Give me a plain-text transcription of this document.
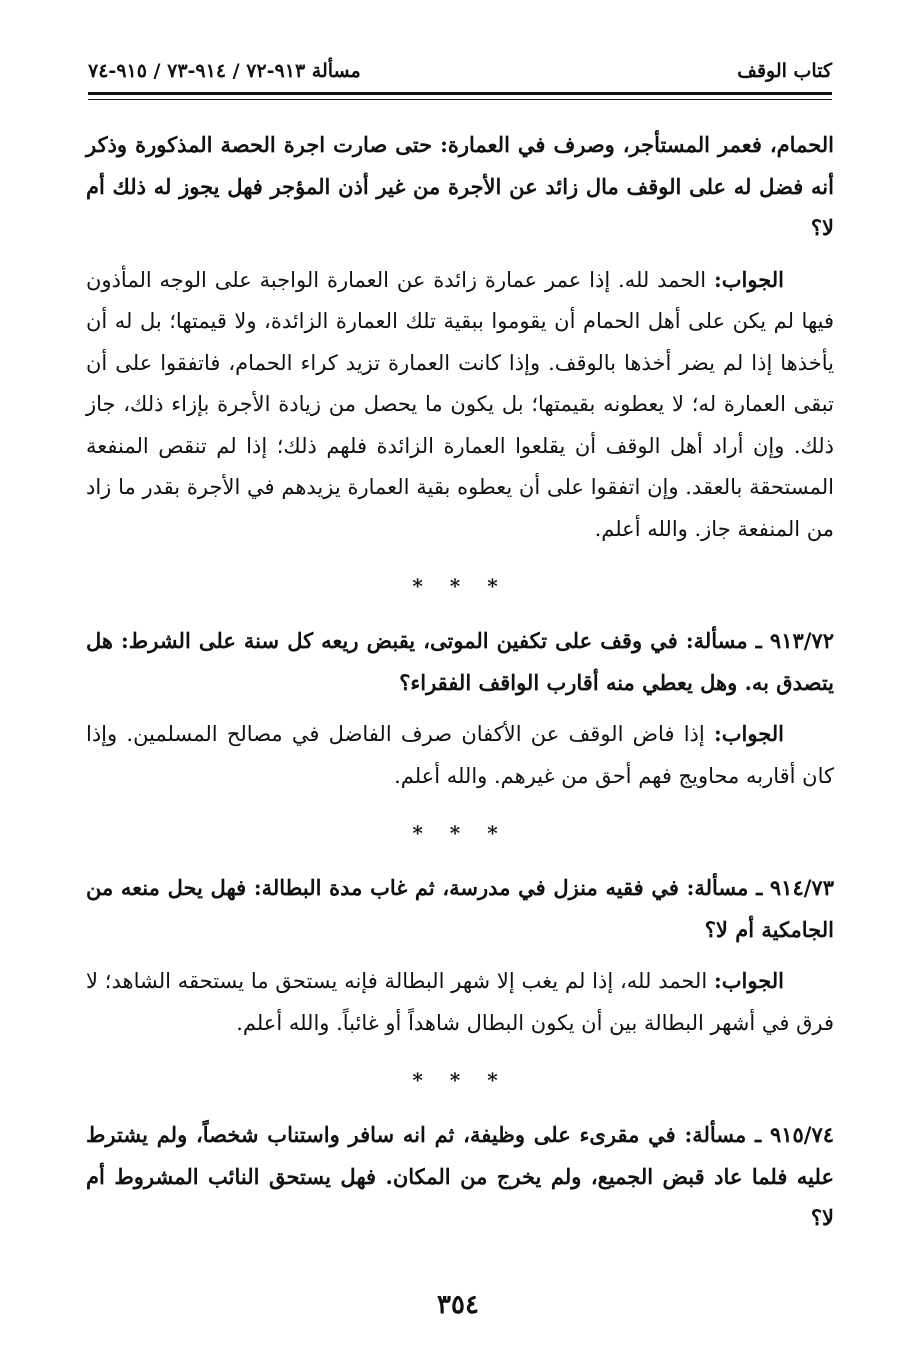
كتاب الوقف
مسألة ٩١٣-٧٢ / ٩١٤-٧٣ / ٩١٥-٧٤

الحمام، فعمر المستأجر، وصرف في العمارة: حتى صارت اجرة الحصة المذكورة وذكر أنه فضل له على الوقف مال زائد عن الأجرة من غير أذن المؤجر فهل يجوز له ذلك أم لا؟

الجواب: الحمد لله. إذا عمر عمارة زائدة عن العمارة الواجبة على الوجه المأذون فيها لم يكن على أهل الحمام أن يقوموا ببقية تلك العمارة الزائدة، ولا قيمتها؛ بل له أن يأخذها إذا لم يضر أخذها بالوقف. وإذا كانت العمارة تزيد كراء الحمام، فاتفقوا على أن تبقى العمارة له؛ لا يعطونه بقيمتها؛ بل يكون ما يحصل من زيادة الأجرة بإزاء ذلك، جاز ذلك. وإن أراد أهل الوقف أن يقلعوا العمارة الزائدة فلهم ذلك؛ إذا لم تنقص المنفعة المستحقة بالعقد. وإن اتفقوا على أن يعطوه بقية العمارة يزيدهم في الأجرة بقدر ما زاد من المنفعة جاز. والله أعلم.

* * *

٩١٣/٧٢ ـ مسألة: في وقف على تكفين الموتى، يقبض ريعه كل سنة على الشرط: هل يتصدق به. وهل يعطي منه أقارب الواقف الفقراء؟

الجواب: إذا فاض الوقف عن الأكفان صرف الفاضل في مصالح المسلمين. وإذا كان أقاربه محاويج فهم أحق من غيرهم. والله أعلم.

* * *

٩١٤/٧٣ ـ مسألة: في فقيه منزل في مدرسة، ثم غاب مدة البطالة: فهل يحل منعه من الجامكية أم لا؟

الجواب: الحمد لله، إذا لم يغب إلا شهر البطالة فإنه يستحق ما يستحقه الشاهد؛ لا فرق في أشهر البطالة بين أن يكون البطال شاهداً أو غائباً. والله أعلم.

* * *

٩١٥/٧٤ ـ مسألة: في مقرىء على وظيفة، ثم انه سافر واستناب شخصاً، ولم يشترط عليه فلما عاد قبض الجميع، ولم يخرج من المكان. فهل يستحق النائب المشروط أم لا؟

٣٥٤
